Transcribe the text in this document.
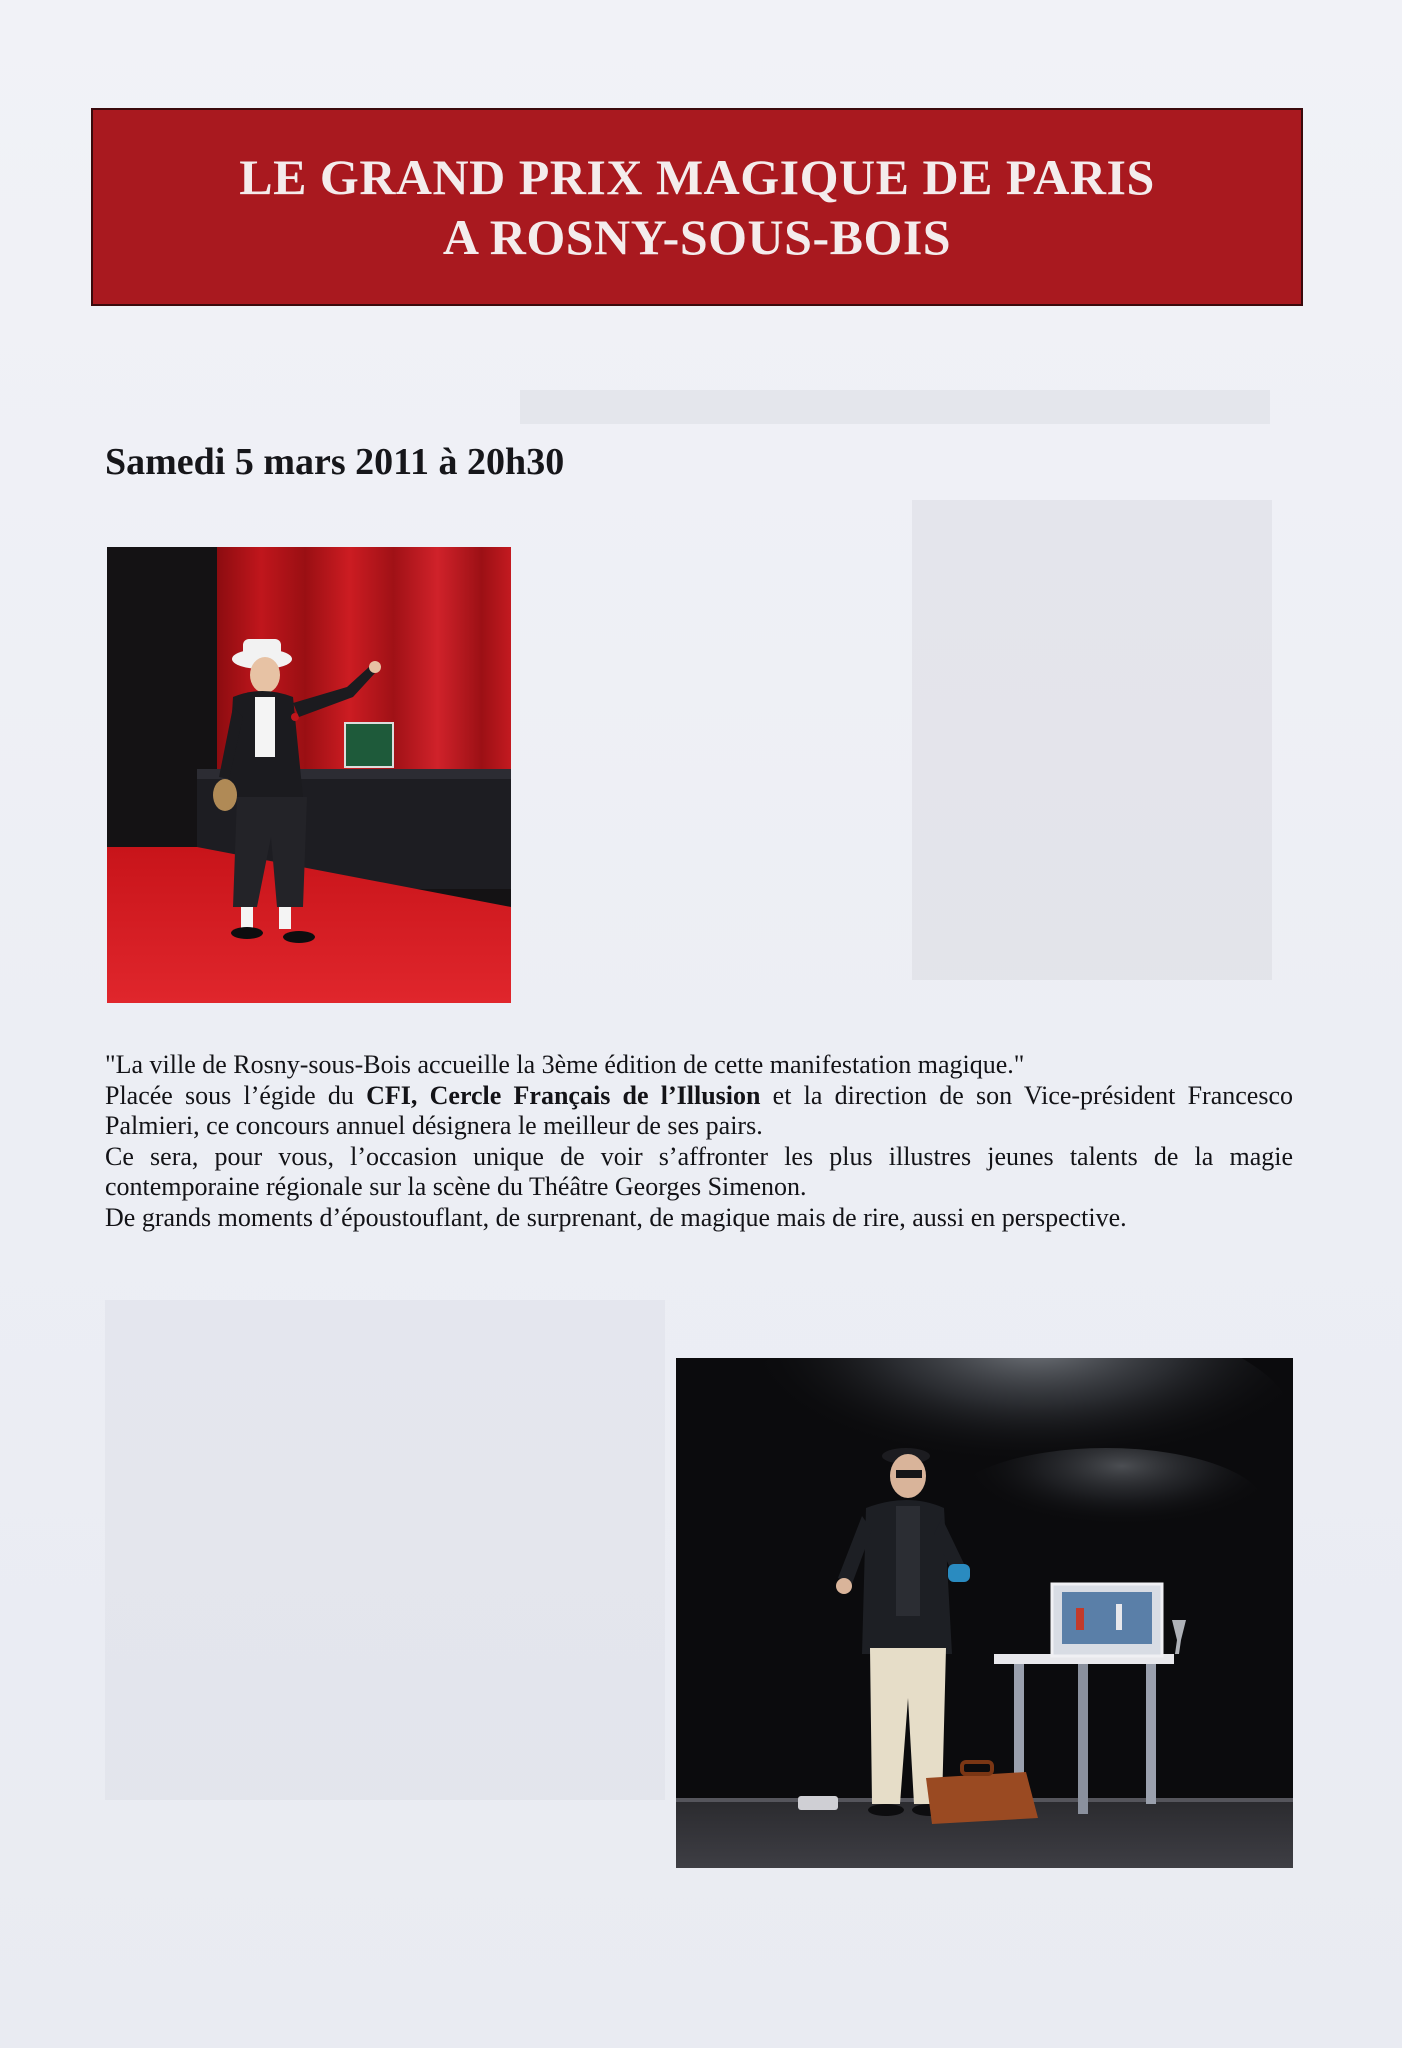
LE GRAND PRIX MAGIQUE DE PARIS
A ROSNY-SOUS-BOIS
Samedi 5 mars 2011 à 20h30

"La ville de Rosny-sous-Bois accueille la 3ème édition de cette manifestation magique."

Placée sous l’égide du CFI, Cercle Français de l’Illusion et la direction de son Vice-président Francesco Palmieri, ce concours annuel désignera le meilleur de ses pairs.

Ce sera, pour vous, l’occasion unique de voir s’affronter les plus illustres jeunes talents de la magie contemporaine régionale sur la scène du Théâtre Georges Simenon.

De grands moments d’époustouflant, de surprenant, de magique mais de rire, aussi en perspective.
